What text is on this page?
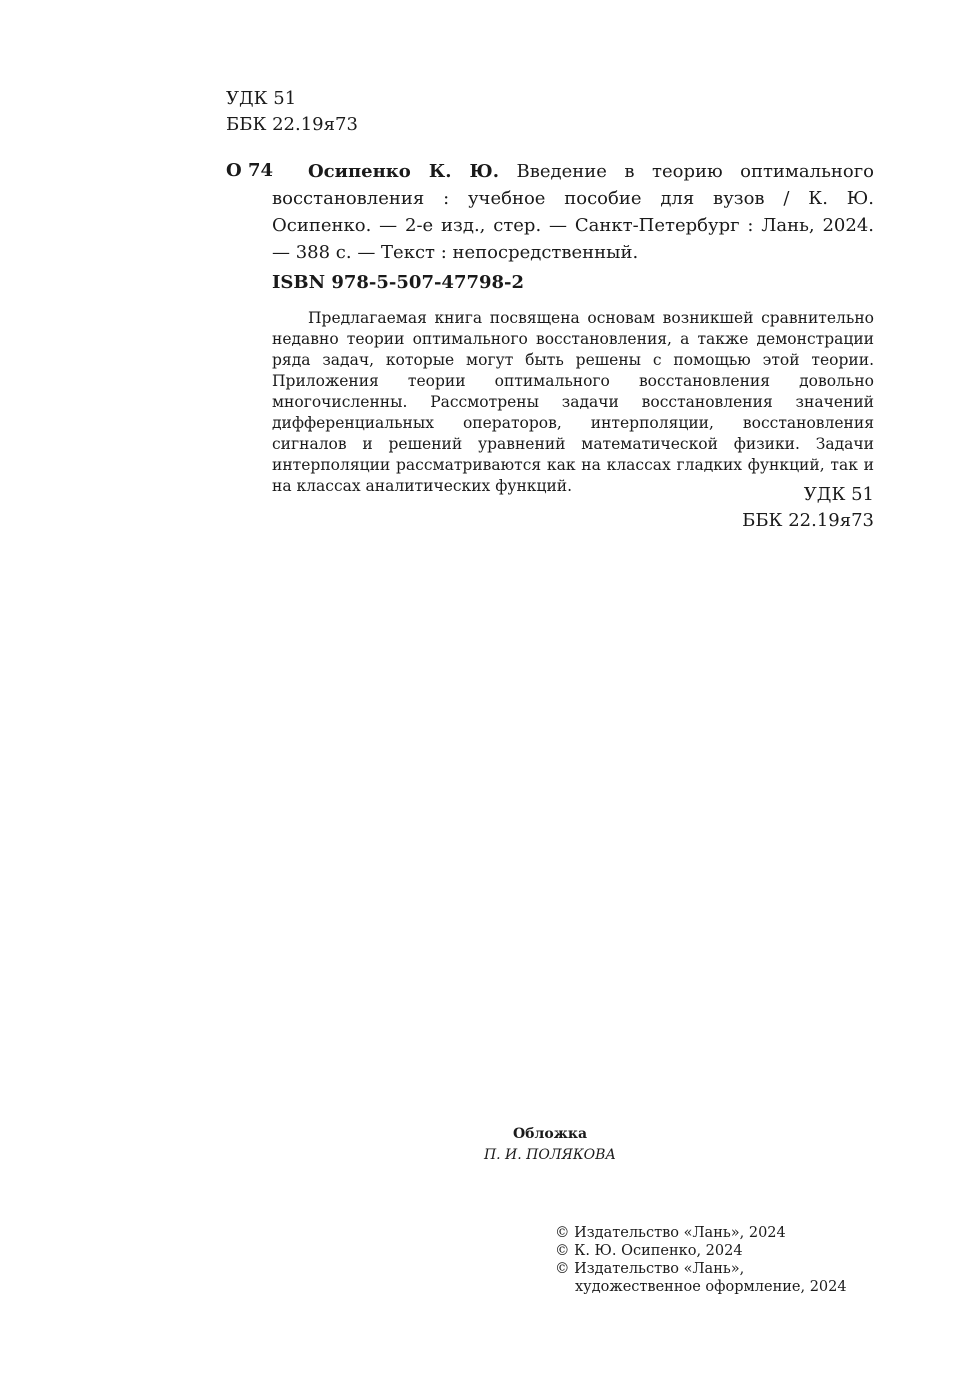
УДК 51
ББК 22.19я73
О 74	Осипенко К. Ю. Введение в теорию оптимального восстановления : учебное пособие для вузов / К. Ю. Осипенко. — 2-е изд., стер. — Санкт-Петербург : Лань, 2024. — 388 с. — Текст : непосредственный.
ISBN 978-5-507-47798-2
Предлагаемая книга посвящена основам возникшей сравнительно недавно теории оптимального восстановления, а также демонстрации ряда задач, которые могут быть решены с помощью этой теории. Приложения теории оптимального восстановления довольно многочисленны. Рассмотрены задачи восстановления значений дифференциальных операторов, интерполяции, восстановления сигналов и решений уравнений математической физики. Задачи интерполяции рассматриваются как на классах гладких функций, так и на классах аналитических функций.	УДК 51
ББК 22.19я73
Обложка
П. И. ПОЛЯКОВА
© Издательство «Лань», 2024
© К. Ю. Осипенко, 2024
© Издательство «Лань»,
художественное оформление, 2024
